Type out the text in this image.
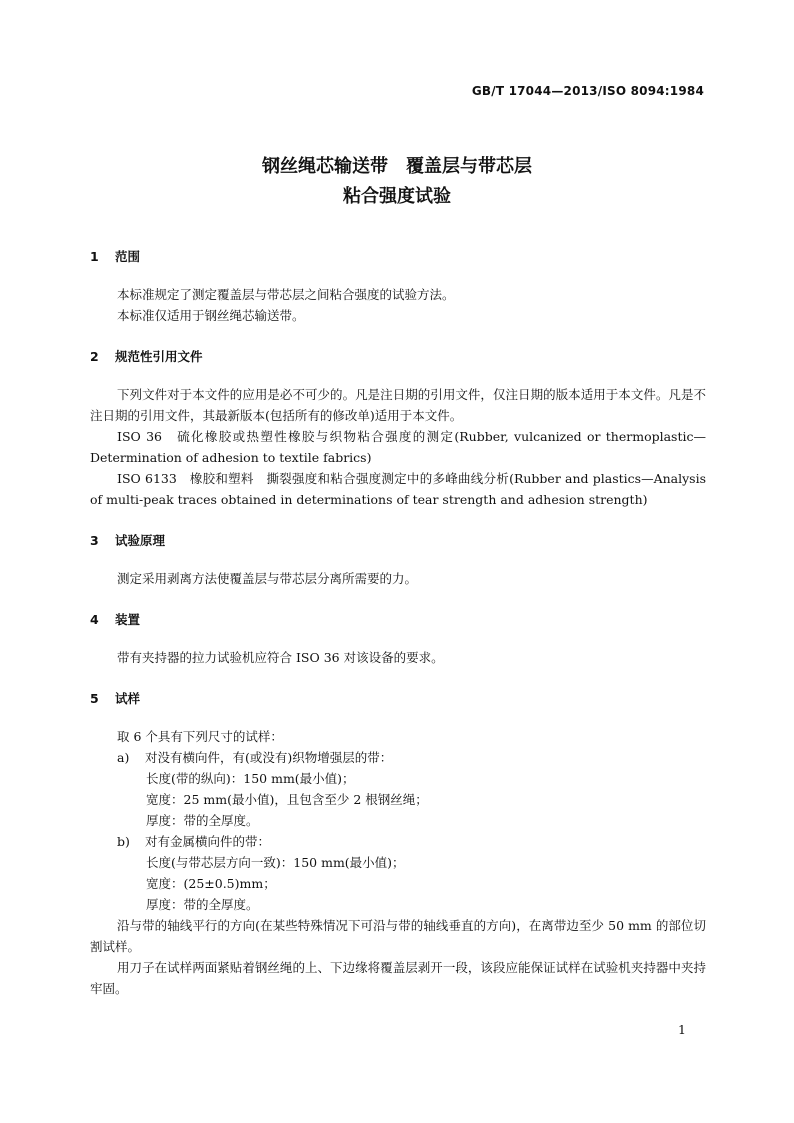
GB/T 17044—2013/ISO 8094:1984
钢丝绳芯输送带　覆盖层与带芯层
粘合强度试验
1 范围

本标准规定了测定覆盖层与带芯层之间粘合强度的试验方法。

本标准仅适用于钢丝绳芯输送带。

2 规范性引用文件

下列文件对于本文件的应用是必不可少的。凡是注日期的引用文件，仅注日期的版本适用于本文件。凡是不注日期的引用文件，其最新版本(包括所有的修改单)适用于本文件。

ISO 36　硫化橡胶或热塑性橡胶与织物粘合强度的测定(Rubber, vulcanized or thermoplastic—Determination of adhesion to textile fabrics)

ISO 6133　橡胶和塑料　撕裂强度和粘合强度测定中的多峰曲线分析(Rubber and plastics—Analysis of multi-peak traces obtained in determinations of tear strength and adhesion strength)

3 试验原理

测定采用剥离方法使覆盖层与带芯层分离所需要的力。

4 装置

带有夹持器的拉力试验机应符合 ISO 36 对该设备的要求。

5 试样

取 6 个具有下列尺寸的试样：

a) 对没有横向件，有(或没有)织物增强层的带：

长度(带的纵向)：150 mm(最小值)；

宽度：25 mm(最小值)，且包含至少 2 根钢丝绳；

厚度：带的全厚度。

b) 对有金属横向件的带：

长度(与带芯层方向一致)：150 mm(最小值)；

宽度：(25±0.5)mm；

厚度：带的全厚度。

沿与带的轴线平行的方向(在某些特殊情况下可沿与带的轴线垂直的方向)，在离带边至少 50 mm 的部位切割试样。

用刀子在试样两面紧贴着钢丝绳的上、下边缘将覆盖层剥开一段，该段应能保证试样在试验机夹持器中夹持牢固。

1
